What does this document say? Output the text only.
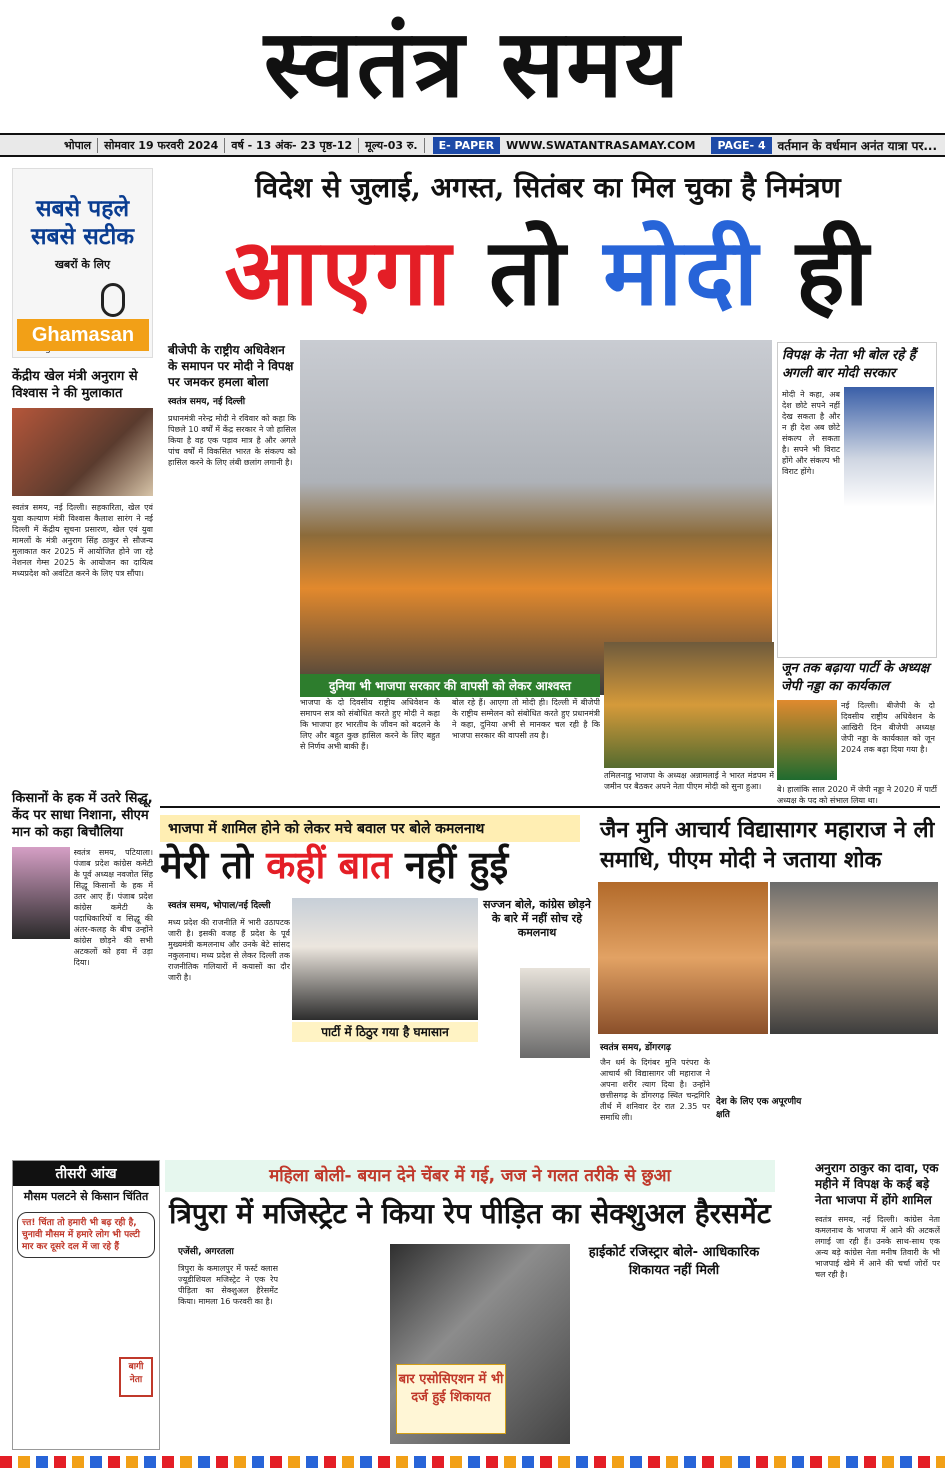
स्वतंत्र समय
भोपाल	सोमवार 19 फरवरी 2024	वर्ष - 13 अंक- 23 पृष्ठ-12	मूल्य-03 रु.	E- PAPER	WWW.SWATANTRASAMAY.COM	PAGE- 4	वर्तमान के वर्धमान अनंत यात्रा पर...
सबसे पहले
सबसे सटीक
खबरों के लिए
Ghamasan
केंद्रीय खेल मंत्री अनुराग से विश्वास ने की मुलाकात
स्वतंत्र समय, नई दिल्ली। सहकारिता, खेल एवं युवा कल्याण मंत्री विश्वास कैलाश सारंग ने नई दिल्ली में केंद्रीय सूचना प्रसारण, खेल एवं युवा मामलों के मंत्री अनुराग सिंह ठाकुर से सौजन्य मुलाकात कर 2025 में आयोजित होने जा रहे नेशनल गेम्स 2025 के आयोजन का दायित्व मध्यप्रदेश को अवंटित करने के लिए पत्र सौंपा।
किसानों के हक में उतरे सिद्धू, केंद पर साधा निशाना, सीएम मान को कहा बिचौलिया
स्वतंत्र समय, पटियाला। पंजाब प्रदेश कांग्रेस कमेटी के पूर्व अध्यक्ष नवजोत सिंह सिद्धू किसानों के हक में उतर आए हैं। पंजाब प्रदेश कांग्रेस कमेटी के पदाधिकारियों व सिद्धू की अंतर-कलह के बीच उन्होंने कांग्रेस छोड़ने की सभी अटकलों को हवा में उड़ा दिया।
विदेश से जुलाई, अगस्त, सितंबर का मिल चुका है निमंत्रण
आएगा तो मोदी ही
बीजेपी के राष्ट्रीय अधिवेशन के समापन पर मोदी ने विपक्ष पर जमकर हमला बोला
स्वतंत्र समय, नई दिल्ली
प्रधानमंत्री नरेन्द्र मोदी ने रविवार को कहा कि पिछले 10 वर्षों में केंद्र सरकार ने जो हासिल किया है वह एक पड़ाव मात्र है और अगले पांच वर्षों में विकसित भारत के संकल्प को हासिल करने के लिए लंबी छलांग लगानी है।
दुनिया भी भाजपा सरकार की वापसी को लेकर आश्वस्त
भाजपा के दो दिवसीय राष्ट्रीय अधिवेशन के समापन सत्र को संबोधित करते हुए मोदी ने कहा कि भाजपा हर भारतीय के जीवन को बदलने के लिए और बहुत कुछ हासिल करने के लिए बहुत से निर्णय अभी बाकी हैं।
बोल रहे हैं। आएगा तो मोदी ही। दिल्ली में बीजेपी के राष्ट्रीय सम्मेलन को संबोधित करते हुए प्रधानमंत्री ने कहा, दुनिया अभी से मानकर चल रही है कि भाजपा सरकार की वापसी तय है।
तमिलनाडु भाजपा के अध्यक्ष अन्नामलाई ने भारत मंडपम में जमीन पर बैठकर अपने नेता पीएम मोदी को सुना हुआ।
विपक्ष के नेता भी बोल रहे हैं अगली बार मोदी सरकार
मोदी ने कहा, अब देश छोटे सपने नहीं देख सकता है और न ही देश अब छोटे संकल्प ले सकता है। सपने भी विराट होंगे और संकल्प भी विराट होंगे।
जून तक बढ़ाया पार्टी के अध्यक्ष जेपी नड्डा का कार्यकाल
नई दिल्ली। बीजेपी के दो दिवसीय राष्ट्रीय अधिवेशन के आखिरी दिन बीजेपी अध्यक्ष जेपी नड्डा के कार्यकाल को जून 2024 तक बढ़ा दिया गया है।
बे। हालांकि साल 2020 में जेपी नड्डा ने 2020 में पार्टी अध्यक्ष के पद को संभाल लिया था।
भाजपा में शामिल होने को लेकर मचे बवाल पर बोले कमलनाथ
मेरी तो कहीं बात नहीं हुई
स्वतंत्र समय, भोपाल/नई दिल्ली
मध्य प्रदेश की राजनीति में भारी उठापटक जारी है। इसकी वजह हैं प्रदेश के पूर्व मुख्यमंत्री कमलनाथ और उनके बेटे सांसद नकुलनाथ। मध्य प्रदेश से लेकर दिल्ली तक राजनीतिक गलियारों में कयासों का दौर जारी है।
पार्टी में ठिठुर गया है घमासान
सज्जन बोले, कांग्रेस छोड़ने के बारे में नहीं सोच रहे कमलनाथ
जैन मुनि आचार्य विद्यासागर महाराज ने ली समाधि, पीएम मोदी ने जताया शोक
स्वतंत्र समय, डोंगरगढ़
जैन धर्म के दिगंबर मुनि परंपरा के आचार्य श्री विद्यासागर जी महाराज ने अपना शरीर त्याग दिया है। उन्होंने छत्तीसगढ़ के डोंगरगढ़ स्थित चन्द्रगिरि तीर्थ में शनिवार देर रात 2.35 पर समाधि ली।
देश के लिए एक अपूरणीय क्षति
अनुराग ठाकुर का दावा, एक महीने में विपक्ष के कई बड़े नेता भाजपा में होंगे शामिल
स्वतंत्र समय, नई दिल्ली। कांग्रेस नेता कमलनाथ के भाजपा में आने की अटकलें लगाई जा रही हैं। उनके साथ-साथ एक अन्य बड़े कांग्रेस नेता मनीष तिवारी के भी भाजपाई खेमे में आने की चर्चा जोरों पर चल रही है।
तीसरी आंख
मौसम पलटने से किसान चिंतित
त्त्त! चिंता तो हमारी भी बढ़ रही है, चुनावी मौसम में हमारे लोग भी पल्टी मार कर दूसरे दल में जा रहे हैं
बागी नेता
महिला बोली- बयान देने चेंबर में गई, जज ने गलत तरीके से छुआ
त्रिपुरा में मजिस्ट्रेट ने किया रेप पीड़ित का सेक्शुअल हैरसमेंट
एजेंसी, अगरतला
त्रिपुरा के कमालपुर में फर्स्ट क्लास ज्यूडीशियल मजिस्ट्रेट ने एक रेप पीड़िता का सेक्शुअल हैरेसमेंट किया। मामला 16 फरवरी का है।
बार एसोसिएशन में भी दर्ज हुई शिकायत
हाईकोर्ट रजिस्ट्रार बोले- आधिकारिक शिकायत नहीं मिली
